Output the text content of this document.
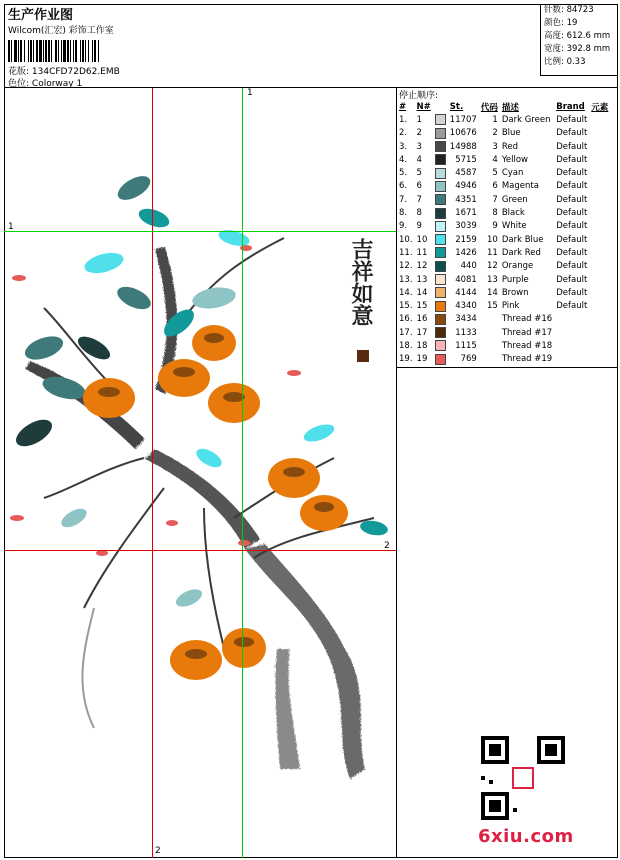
生产作业图
Wilcom(汇宏) 彩饰工作室
花版: 134CFD72D62.EMB
色位: Colorway 1
针数: 84723
颜色: 19
高度: 612.6 mm
宽度: 392.8 mm
比例: 0.33
吉祥如意
1
2
1
2
停止顺序:
#	N#		St.	代码	描述	Brand	元素
1.	1		11707	1	Dark Green	Default	
2.	2		10676	2	Blue	Default	
3.	3		14988	3	Red	Default	
4.	4		5715	4	Yellow	Default	
5.	5		4587	5	Cyan	Default	
6.	6		4946	6	Magenta	Default	
7.	7		4351	7	Green	Default	
8.	8		1671	8	Black	Default	
9.	9		3039	9	White	Default	
10.	10		2159	10	Dark Blue	Default	
11.	11		1426	11	Dark Red	Default	
12.	12		440	12	Orange	Default	
13.	13		4081	13	Purple	Default	
14.	14		4144	14	Brown	Default	
15.	15		4340	15	Pink	Default	
16.	16		3434		Thread #16		
17.	17		1133		Thread #17		
18.	18		1115		Thread #18		
19.	19		769		Thread #19		
6xiu.com
